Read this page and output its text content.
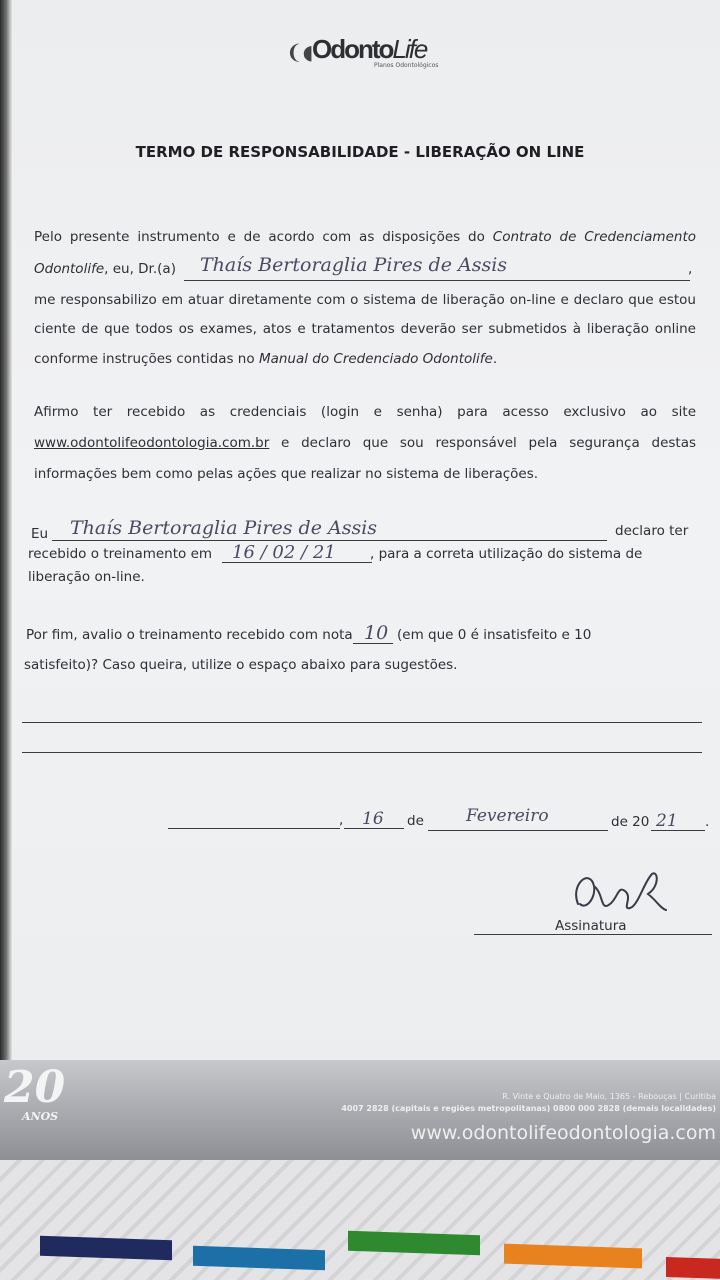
❨◖
OdontoLife
Planos Odontológicos
TERMO DE RESPONSABILIDADE - LIBERAÇÃO ON LINE
Pelo presente instrumento e de acordo com as disposições do Contrato de Credenciamento
Odontolife, eu, Dr.(a)	,
Thaís Bertoraglia Pires de Assis
me responsabilizo em atuar diretamente com o sistema de liberação on-line e declaro que estou
ciente de que todos os exames, atos e tratamentos deverão ser submetidos à liberação online
conforme instruções contidas no Manual do Credenciado Odontolife.
Afirmo ter recebido as credenciais (login e senha) para acesso exclusivo ao site
www.odontolifeodontologia.com.br e declaro que sou responsável pela segurança destas
informações bem como pelas ações que realizar no sistema de liberações.
Eu Thaís Bertoraglia Pires de Assis	declaro ter
recebido o treinamento em 16 / 02 / 21	, para a correta utilização do sistema de
liberação on-line.
Por fim, avalio o treinamento recebido com nota 10 (em que 0 é insatisfeito e 10
satisfeito)? Caso queira, utilize o espaço abaixo para sugestões.
, 16 de Fevereiro	de 20 21 .
Assinatura
20
ANOS
R. Vinte e Quatro de Maio, 1365 - Rebouças | Curitiba
4007 2828 (capitais e regiões metropolitanas) 0800 000 2828 (demais localidades)
www.odontolifeodontologia.com
